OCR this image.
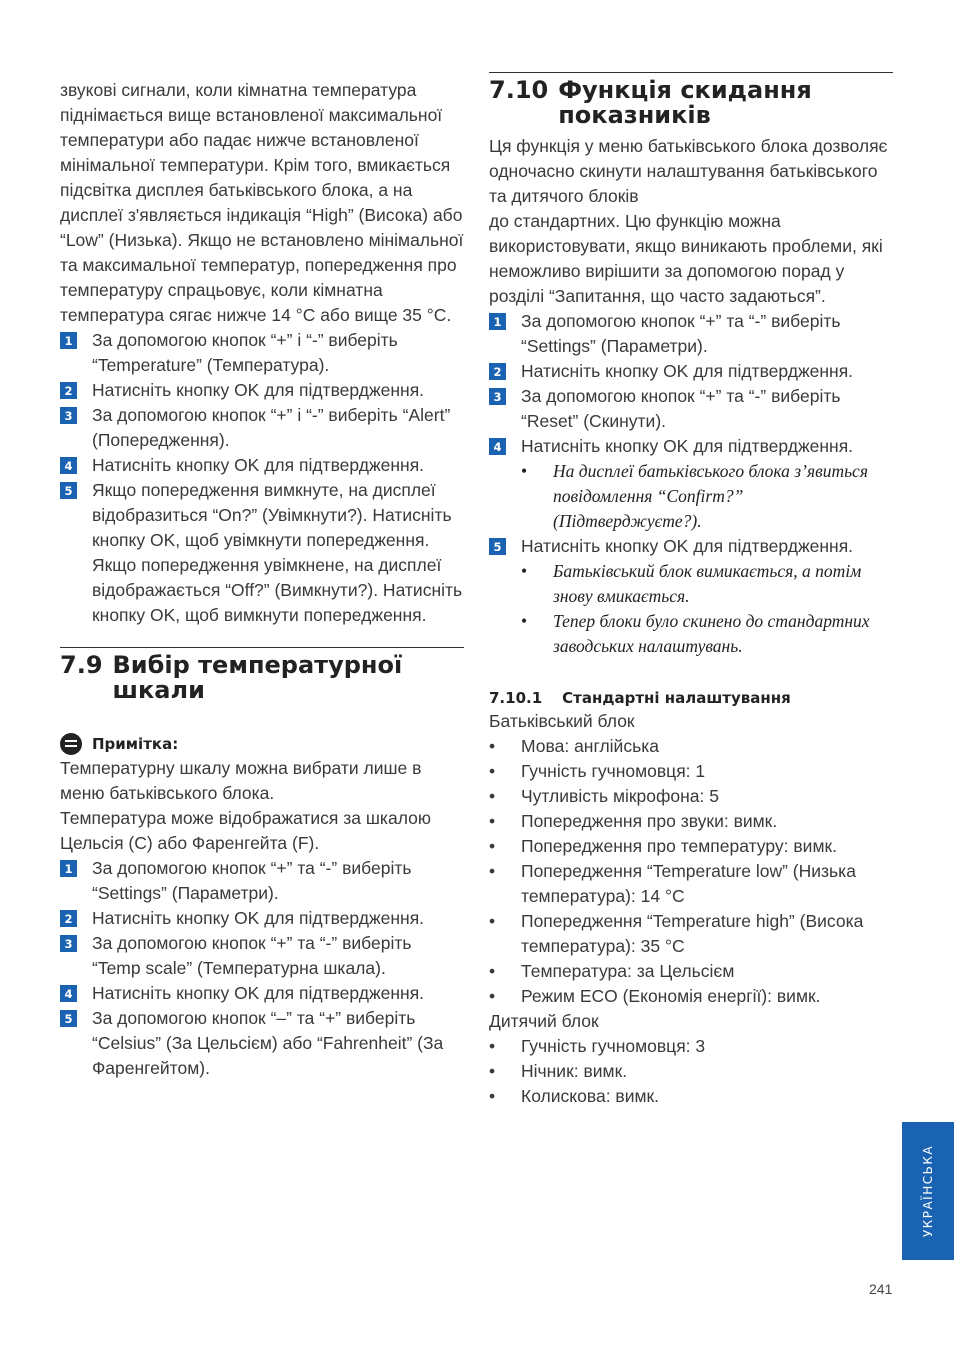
звукові сигнали, коли кімнатна температура піднімається вище встановленої максимальної температури або падає нижче встановленої мінімальної температури. Крім того, вмикається підсвітка дисплея батьківського блока, а на дисплеї з'являється індикація “High” (Висока) або “Low” (Низька). Якщо не встановлено мінімальної та максимальної температур, попередження про температуру спрацьовує, коли кімнатна температура сягає нижче 14 °C або вище 35 °C.

1 За допомогою кнопок “+” і “-” виберіть “Temperature” (Температура).
2 Натисніть кнопку OK для підтвердження.
3 За допомогою кнопок “+” і “-” виберіть “Alert” (Попередження).
4 Натисніть кнопку OK для підтвердження.
5 Якщо попередження вимкнуте, на дисплеї відобразиться “On?” (Увімкнути?). Натисніть кнопку OK, щоб увімкнути попередження. Якщо попередження увімкнене, на дисплеї відображається “Off?” (Вимкнути?). Натисніть кнопку OK, щоб вимкнути попередження.
7.9 Вибір температурної шкали
Примітка:

Температурну шкалу можна вибрати лише в меню батьківського блока.

Температура може відображатися за шкалою Цельсія (C) або Фаренгейта (F).

1 За допомогою кнопок “+” та “-” виберіть “Settings” (Параметри).
2 Натисніть кнопку OK для підтвердження.
3 За допомогою кнопок “+” та “-” виберіть “Temp scale” (Температурна шкала).
4 Натисніть кнопку OK для підтвердження.
5 За допомогою кнопок “–” та “+” виберіть “Celsius” (За Цельсієм) або “Fahrenheit” (За Фаренгейтом).
7.10 Функція скидання показників

Ця функція у меню батьківського блока дозволяє одночасно скинути налаштування батьківського та дитячого блоків

до стандартних. Цю функцію можна використовувати, якщо виникають проблеми, які неможливо вирішити за допомогою порад у розділі “Запитання, що часто задаються”.

1 За допомогою кнопок “+” та “-” виберіть “Settings” (Параметри).
2 Натисніть кнопку OK для підтвердження.
3 За допомогою кнопок “+” та “-” виберіть “Reset” (Скинути).
4 Натисніть кнопку OK для підтвердження.
•	На дисплеї батьківського блока з’явиться повідомлення “Confirm?” (Підтверджуєте?).
5 Натисніть кнопку OK для підтвердження.
•	Батьківський блок вимикається, а потім знову вмикається.
•	Тепер блоки було скинено до стандартних заводських налаштувань.
7.10.1 Стандартні налаштування

Батьківський блок

•	Мова: англійська
•	Гучність гучномовця: 1
•	Чутливість мікрофона: 5
•	Попередження про звуки: вимк.
•	Попередження про температуру: вимк.
•	Попередження “Temperature low” (Низька температура): 14 °C
•	Попередження “Temperature high” (Висока температура): 35 °C
•	Температура: за Цельсієм
•	Режим ECO (Економія енергії): вимк.

Дитячий блок

•	Гучність гучномовця: 3
•	Нічник: вимк.
•	Колискова: вимк.
УКРАЇНСЬКА
241
